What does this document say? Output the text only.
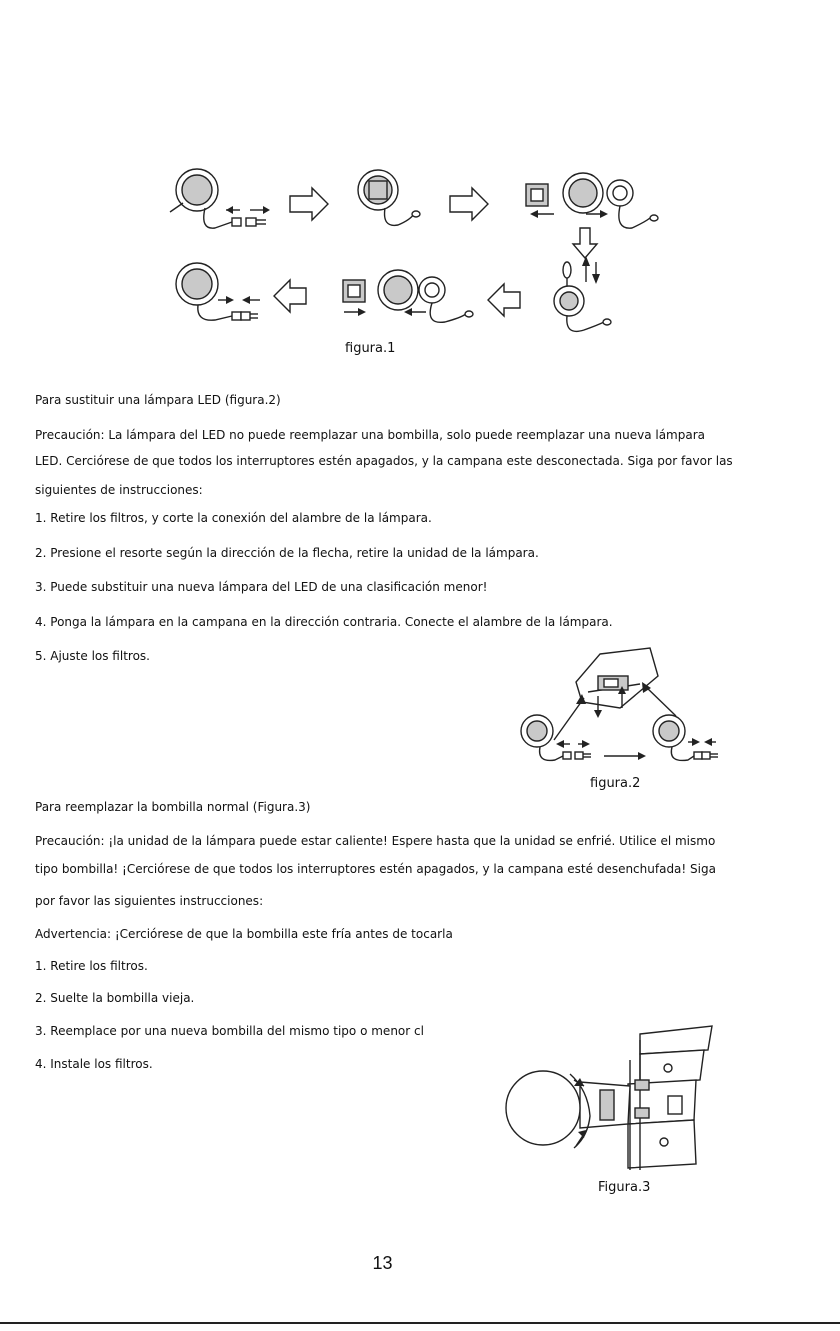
figura.1
Para sustituir una lámpara LED (figura.2)
Precaución: La lámpara del LED no puede reemplazar una bombilla, solo puede reemplazar una nueva lámpara
LED. Cerciórese de que todos los interruptores estén apagados, y la campana este desconectada. Siga por favor las
siguientes de instrucciones:
1. Retire los filtros, y corte la conexión del alambre de la lámpara.
2. Presione el resorte según la dirección de la flecha, retire la unidad de la lámpara.
3. Puede substituir una nueva lámpara del LED de una clasificación menor!
4. Ponga la lámpara en la campana en la dirección contraria. Conecte el alambre de la lámpara.
5. Ajuste los filtros.
figura.2
Para reemplazar la bombilla normal (Figura.3)
Precaución: ¡la unidad de la lámpara puede estar caliente! Espere hasta que la unidad se enfrié. Utilice el mismo
tipo bombilla! ¡Cerciórese de que todos los interruptores estén apagados, y la campana esté desenchufada! Siga
por favor las siguientes instrucciones:
Advertencia: ¡Cerciórese de que la bombilla este fría antes de tocarla
1. Retire los filtros.
2. Suelte la bombilla vieja.
3. Reemplace por una nueva bombilla del mismo tipo o menor cl
4. Instale los filtros.
Figura.3
13
